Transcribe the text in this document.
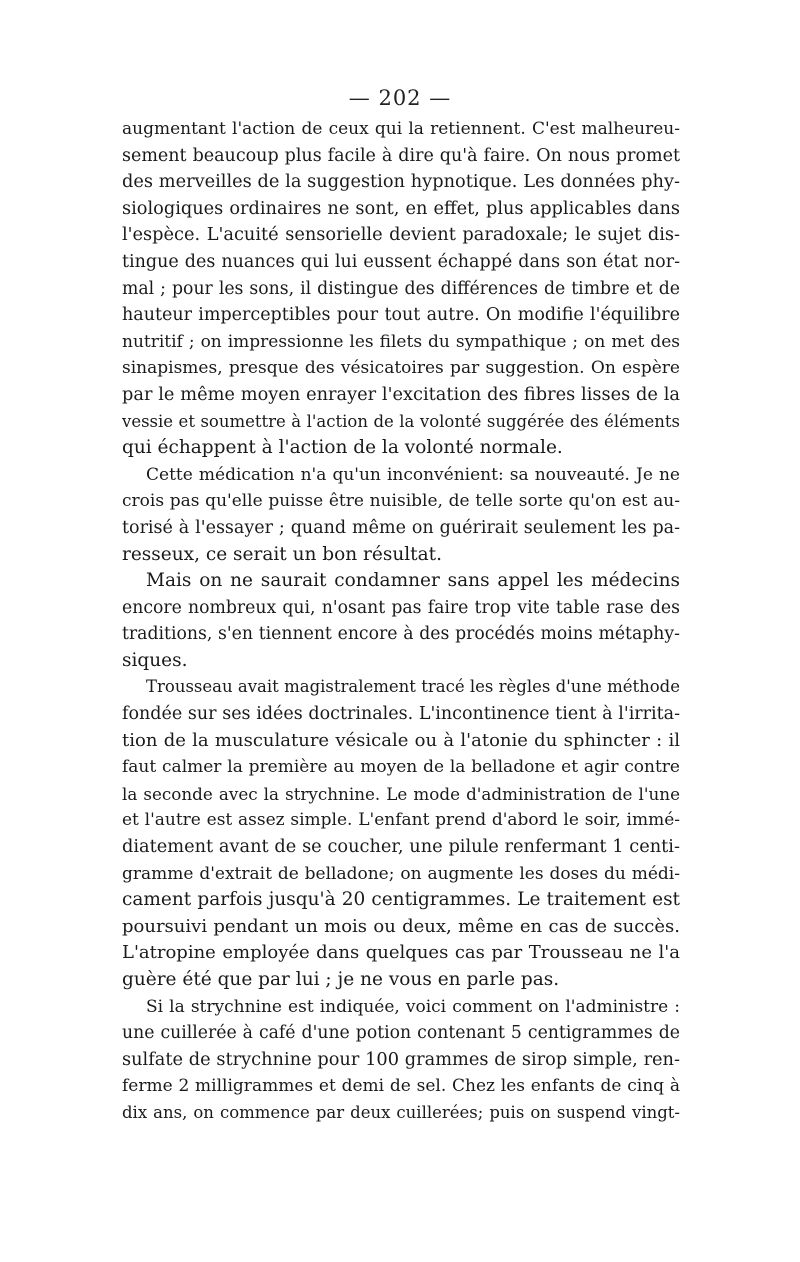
— 202 —
augmentant l'action de ceux qui la retiennent. C'est malheureu-
sement beaucoup plus facile à dire qu'à faire. On nous promet
des merveilles de la suggestion hypnotique. Les données phy-
siologiques ordinaires ne sont, en effet, plus applicables dans
l'espèce. L'acuité sensorielle devient paradoxale; le sujet dis-
tingue des nuances qui lui eussent échappé dans son état nor-
mal ; pour les sons, il distingue des différences de timbre et de
hauteur imperceptibles pour tout autre. On modifie l'équilibre
nutritif ; on impressionne les filets du sympathique ; on met des
sinapismes, presque des vésicatoires par suggestion. On espère
par le même moyen enrayer l'excitation des fibres lisses de la
vessie et soumettre à l'action de la volonté suggérée des éléments
qui échappent à l'action de la volonté normale.
Cette médication n'a qu'un inconvénient: sa nouveauté. Je ne
crois pas qu'elle puisse être nuisible, de telle sorte qu'on est au-
torisé à l'essayer ; quand même on guérirait seulement les pa-
resseux, ce serait un bon résultat.
Mais on ne saurait condamner sans appel les médecins
encore nombreux qui, n'osant pas faire trop vite table rase des
traditions, s'en tiennent encore à des procédés moins métaphy-
siques.
Trousseau avait magistralement tracé les règles d'une méthode
fondée sur ses idées doctrinales. L'incontinence tient à l'irrita-
tion de la musculature vésicale ou à l'atonie du sphincter : il
faut calmer la première au moyen de la belladone et agir contre
la seconde avec la strychnine. Le mode d'administration de l'une
et l'autre est assez simple. L'enfant prend d'abord le soir, immé-
diatement avant de se coucher, une pilule renfermant 1 centi-
gramme d'extrait de belladone; on augmente les doses du médi-
cament parfois jusqu'à 20 centigrammes. Le traitement est
poursuivi pendant un mois ou deux, même en cas de succès.
L'atropine employée dans quelques cas par Trousseau ne l'a
guère été que par lui ; je ne vous en parle pas.
Si la strychnine est indiquée, voici comment on l'administre :
une cuillerée à café d'une potion contenant 5 centigrammes de
sulfate de strychnine pour 100 grammes de sirop simple, ren-
ferme 2 milligrammes et demi de sel. Chez les enfants de cinq à
dix ans, on commence par deux cuillerées; puis on suspend vingt-
